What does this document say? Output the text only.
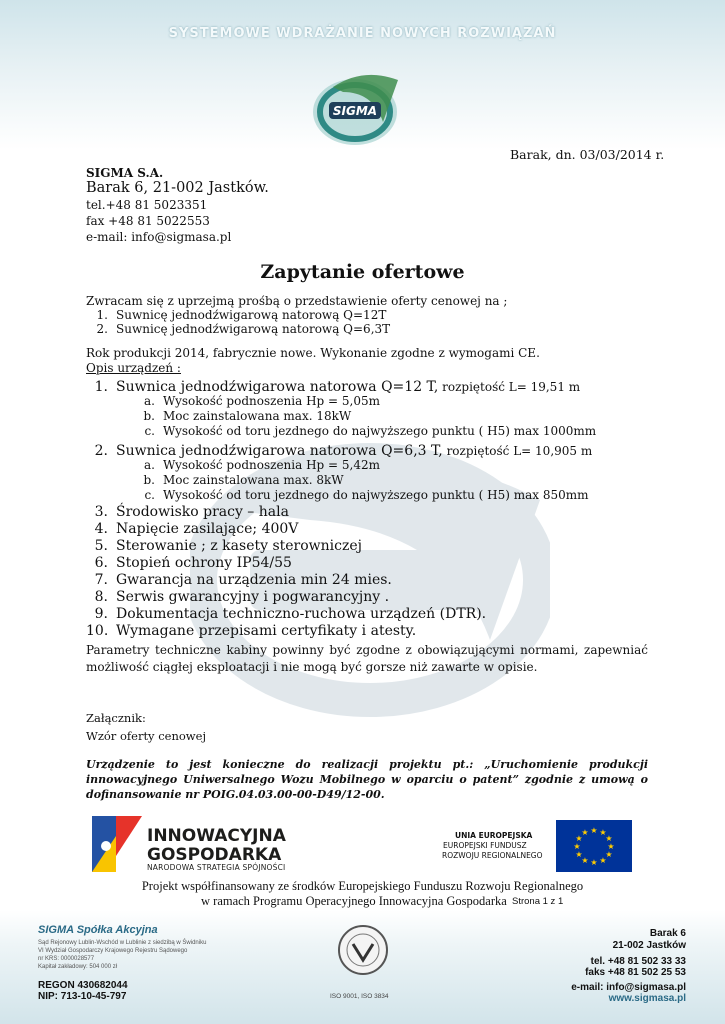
SYSTEMOWE WDRAŻANIE NOWYCH ROZWIĄZAŃ
SIGMA
Barak, dn. 03/03/2014 r.
SIGMA S.A.
Barak 6, 21-002 Jastków.
tel.+48 81 5023351
fax +48 81 5022553
e-mail: info@sigmasa.pl
Zapytanie ofertowe
Zwracam się z uprzejmą prośbą o przedstawienie oferty cenowej na ;
1. Suwnicę jednodźwigarową natorową Q=12T
2. Suwnicę jednodźwigarową natorową Q=6,3T
Rok produkcji 2014, fabrycznie nowe. Wykonanie zgodne z wymogami CE.
Opis urządzeń :
1. Suwnica jednodźwigarowa natorowa Q=12 T, rozpiętość L= 19,51 m
a. Wysokość podnoszenia Hp = 5,05m
b. Moc zainstalowana max. 18kW
c. Wysokość od toru jezdnego do najwyższego punktu ( H5) max 1000mm
2. Suwnica jednodźwigarowa natorowa Q=6,3 T, rozpiętość L= 10,905 m
a. Wysokość podnoszenia Hp = 5,42m
b. Moc zainstalowana max. 8kW
c. Wysokość od toru jezdnego do najwyższego punktu ( H5) max 850mm
3. Środowisko pracy – hala
4. Napięcie zasilające; 400V
5. Sterowanie ; z kasety sterowniczej
6. Stopień ochrony IP54/55
7. Gwarancja na urządzenia min 24 mies.
8. Serwis gwarancyjny i pogwarancyjny .
9. Dokumentacja techniczno-ruchowa urządzeń (DTR).
10. Wymagane przepisami certyfikaty i atesty.
Parametry techniczne kabiny powinny być zgodne z obowiązującymi normami, zapewniać możliwość ciągłej eksploatacji i nie mogą być gorsze niż zawarte w opisie.
Załącznik:
Wzór oferty cenowej
Urządzenie to jest konieczne do realizacji projektu pt.: „Uruchomienie produkcji innowacyjnego Uniwersalnego Wozu Mobilnego w oparciu o patent” zgodnie z umową o dofinansowanie nr POIG.04.03.00-00-D49/12-00.
INNOWACYJNA
GOSPODARKA
NARODOWA STRATEGIA SPÓJNOŚCI
UNIA EUROPEJSKA
EUROPEJSKI FUNDUSZ
ROZWOJU REGIONALNEGO
★ ★
★
★
★
★
★
★
★
★
★
★
Projekt współfinansowany ze środków Europejskiego Funduszu Rozwoju Regionalnego
w ramach Programu Operacyjnego Innowacyjna Gospodarka Strona 1 z 1
SIGMA Spółka Akcyjna
Sąd Rejonowy Lublin-Wschód w Lublinie z siedzibą w Świdniku
VI Wydział Gospodarczy Krajowego Rejestru Sądowego
nr KRS: 0000028577
Kapitał zakładowy: 504 000 zł
REGON 430682044
NIP: 713-10-45-797	ISO 9001, ISO 3834
Barak 6
21-002 Jastków
tel. +48 81 502 33 33
faks +48 81 502 25 53
e-mail: info@sigmasa.pl
www.sigmasa.pl
